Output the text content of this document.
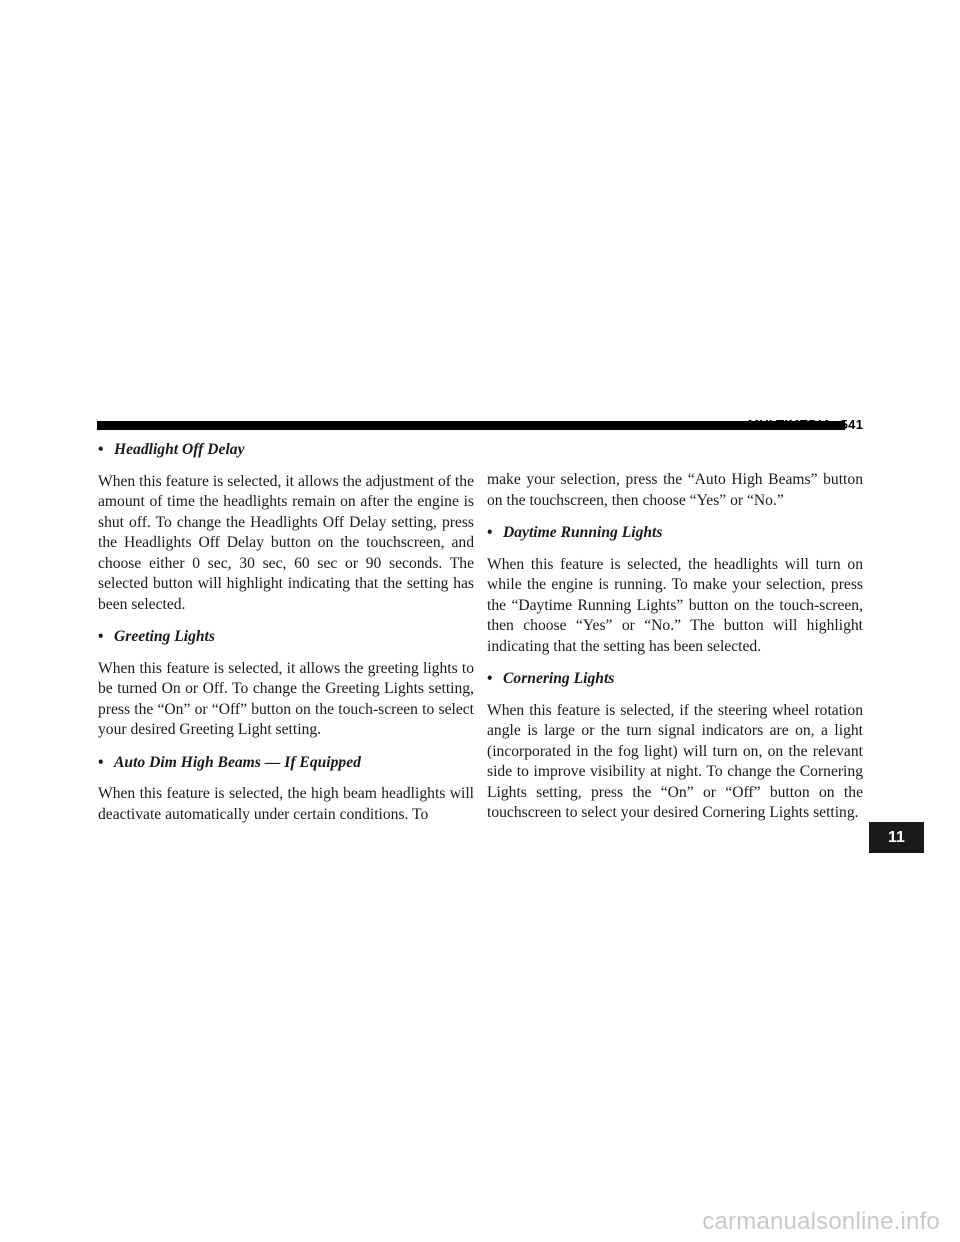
MULTIMEDIA 541
• Headlight Off Delay

When this feature is selected, it allows the adjustment of the amount of time the headlights remain on after the engine is shut off. To change the Headlights Off Delay setting, press the Headlights Off Delay button on the touchscreen, and choose either 0 sec, 30 sec, 60 sec or 90 seconds. The selected button will highlight indicating that the setting has been selected.

• Greeting Lights

When this feature is selected, it allows the greeting lights to be turned On or Off. To change the Greeting Lights setting, press the “On” or “Off” button on the touch-screen to select your desired Greeting Light setting.

• Auto Dim High Beams — If Equipped

When this feature is selected, the high beam headlights will deactivate automatically under certain conditions. To

make your selection, press the “Auto High Beams” button on the touchscreen, then choose “Yes” or “No.”

• Daytime Running Lights

When this feature is selected, the headlights will turn on while the engine is running. To make your selection, press the “Daytime Running Lights” button on the touch-screen, then choose “Yes” or “No.” The button will highlight indicating that the setting has been selected.

• Cornering Lights

When this feature is selected, if the steering wheel rotation angle is large or the turn signal indicators are on, a light (incorporated in the fog light) will turn on, on the relevant side to improve visibility at night. To change the Cornering Lights setting, press the “On” or “Off” button on the touchscreen to select your desired Cornering Lights setting.

11
carmanualsonline.info
